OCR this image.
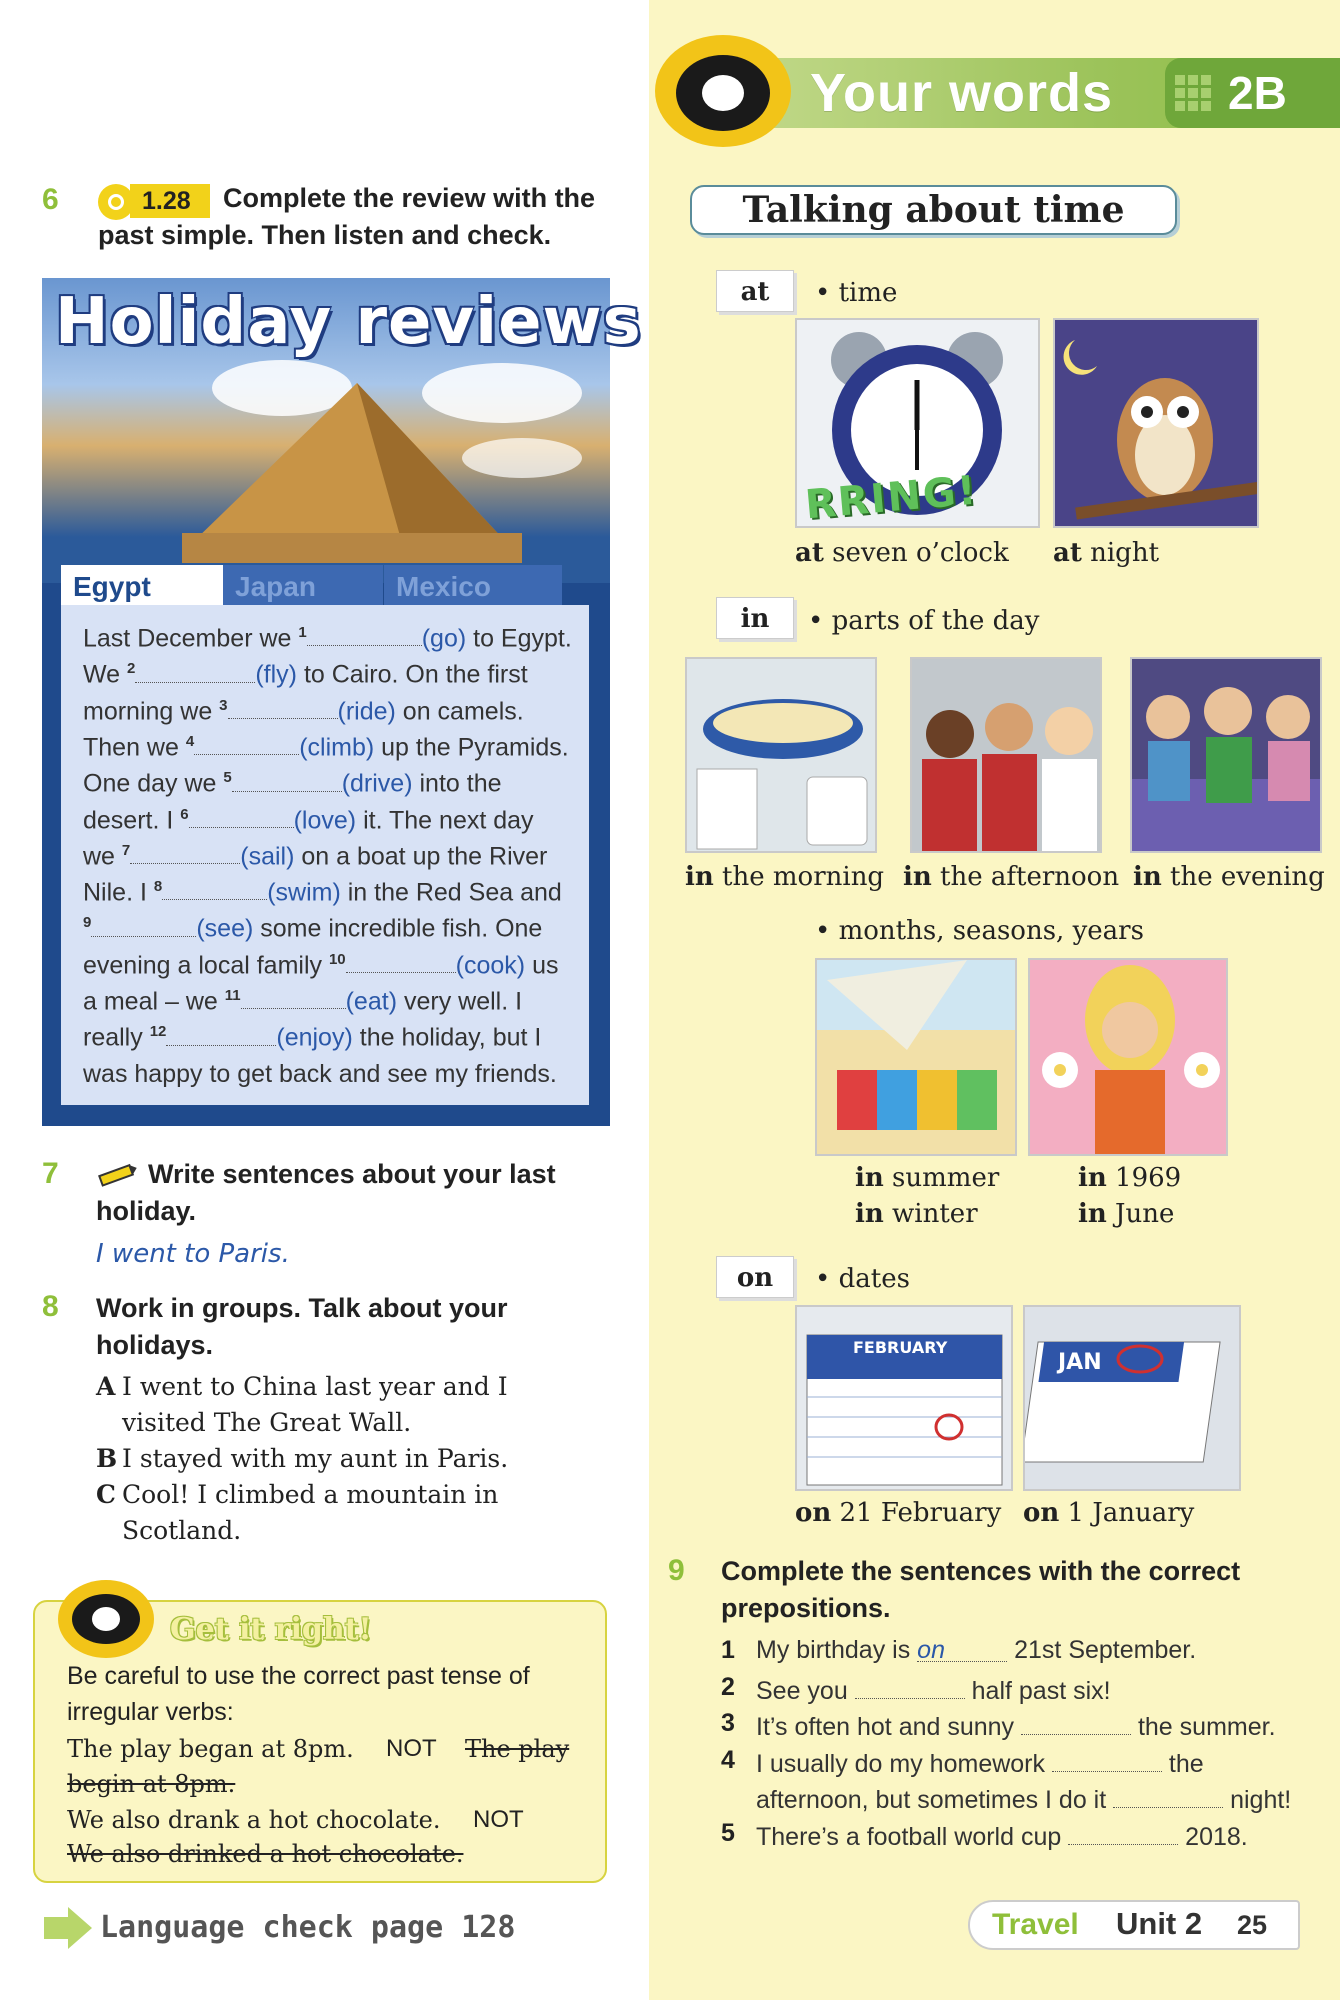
Your words 2B
6	1.28	Complete the review with the
past simple. Then listen and check.
Holiday reviews
Egypt	Japan	Mexico
Last December we $^1$	(go) to Egypt.
We $^2$	(fly) to Cairo. On the first
morning we $^3$	(ride) on camels.
Then we $^4$	(climb) up the Pyramids.
One day we $^5$	(drive) into the
desert. I $^6$	(love) it. The next day
we $^7$	(sail) on a boat up the River
Nile. I $^8$	(swim) in the Red Sea and
$^9$	(see) some incredible fish. One
evening a local family $^{10}$	(cook) us
a meal – we $^{11}$	(eat) very well. I
really $^{12}$	(enjoy) the holiday, but I
was happy to get back and see my friends.
7	Write sentences about your last
holiday.
I went to Paris.
8 Work in groups. Talk about your
holidays.
A I went to China last year and I
visited The Great Wall.
B I stayed with my aunt in Paris.
C Cool! I climbed a mountain in
Scotland.
Get it right!
Be careful to use the correct past tense of
irregular verbs:
The play began at 8pm. NOT The play
begin at 8pm.
We also drank a hot chocolate. NOT
We also drinked a hot chocolate.
Language check page 128
Talking about time
at	• time
RRING!
at seven o’clock at night
in	• parts of the day
in the morning in the afternoon in the evening
• months, seasons, years
in summer
in winter
in 1969
in June
on	• dates
FEBRUARY
JAN
on 21 February on 1 January
9 Complete the sentences with the correct
prepositions.
1 My birthday is on 21st September.
2 See you	half past six!
3 It’s often hot and sunny	the summer.
4 I usually do my homework	the
afternoon, but sometimes I do it	night!
5 There’s a football world cup	2018.
Travel Unit 2 25
